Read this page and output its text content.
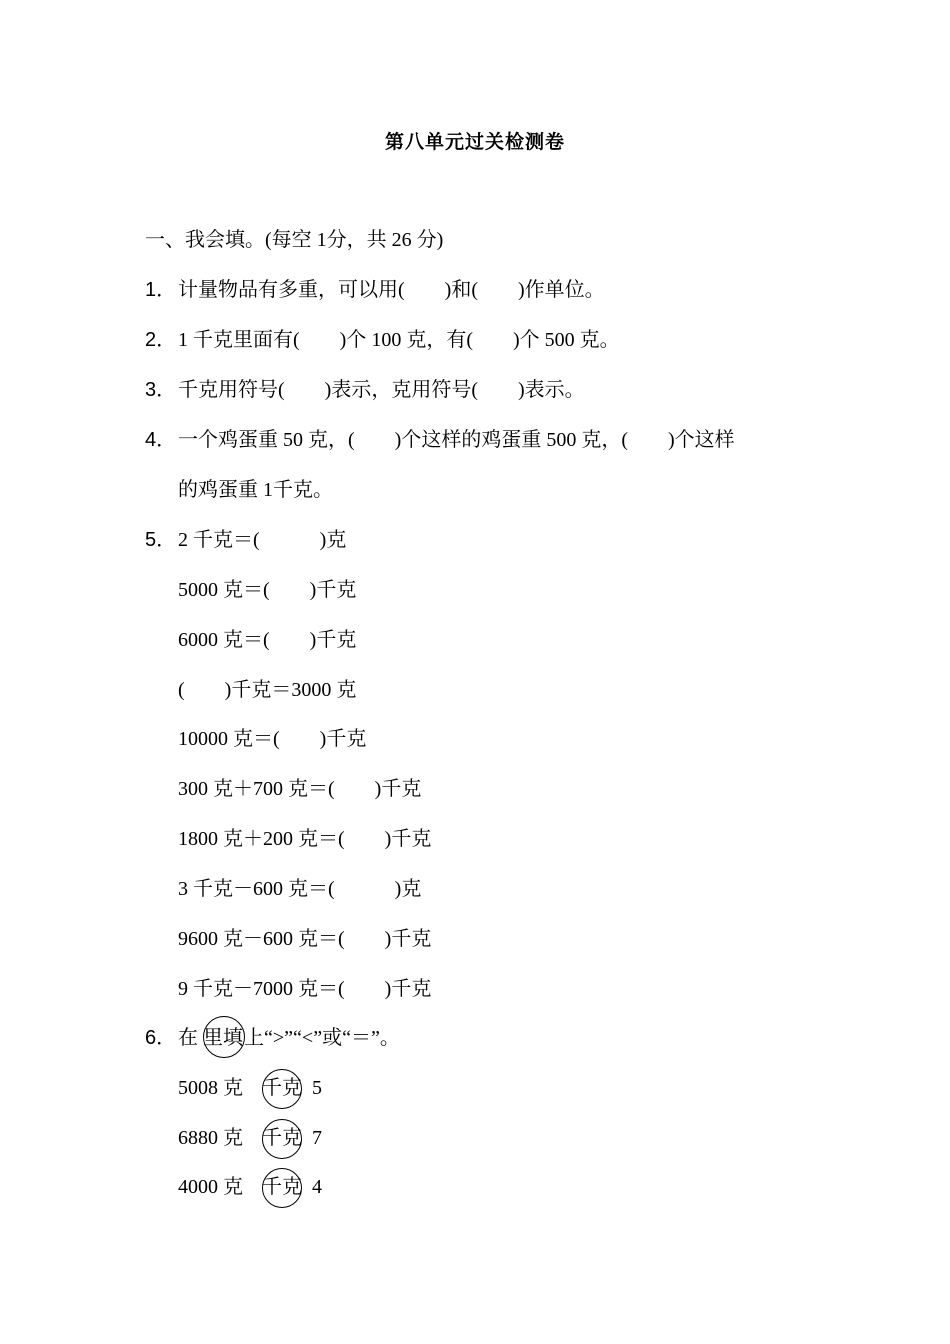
第八单元过关检测卷
一、我会填。(每空 1分，共 26 分)
1． 计量物品有多重，可以用(　　)和(　　)作单位。
2． 1 千克里面有(　　)个 100 克，有(　　)个 500 克。
3． 千克用符号(　　)表示，克用符号(　　)表示。
4． 一个鸡蛋重 50 克，(　　)个这样的鸡蛋重 500 克，(　　)个这样
的鸡蛋重 1千克。
5． 2 千克＝(　　　)克
5000 克＝(　　)千克
6000 克＝(　　)千克
(　　)千克＝3000 克
10000 克＝(　　)千克
300 克＋700 克＝(　　)千克
1800 克＋200 克＝(　　)千克
3 千克－600 克＝(　　　)克
9600 克－600 克＝(　　)千克
9 千克－7000 克＝(　　)千克
6． 在 里填 上“>”“<”或“＝”。

5008 克

千克

5

6880 克

千克

7

4000 克

千克

4
